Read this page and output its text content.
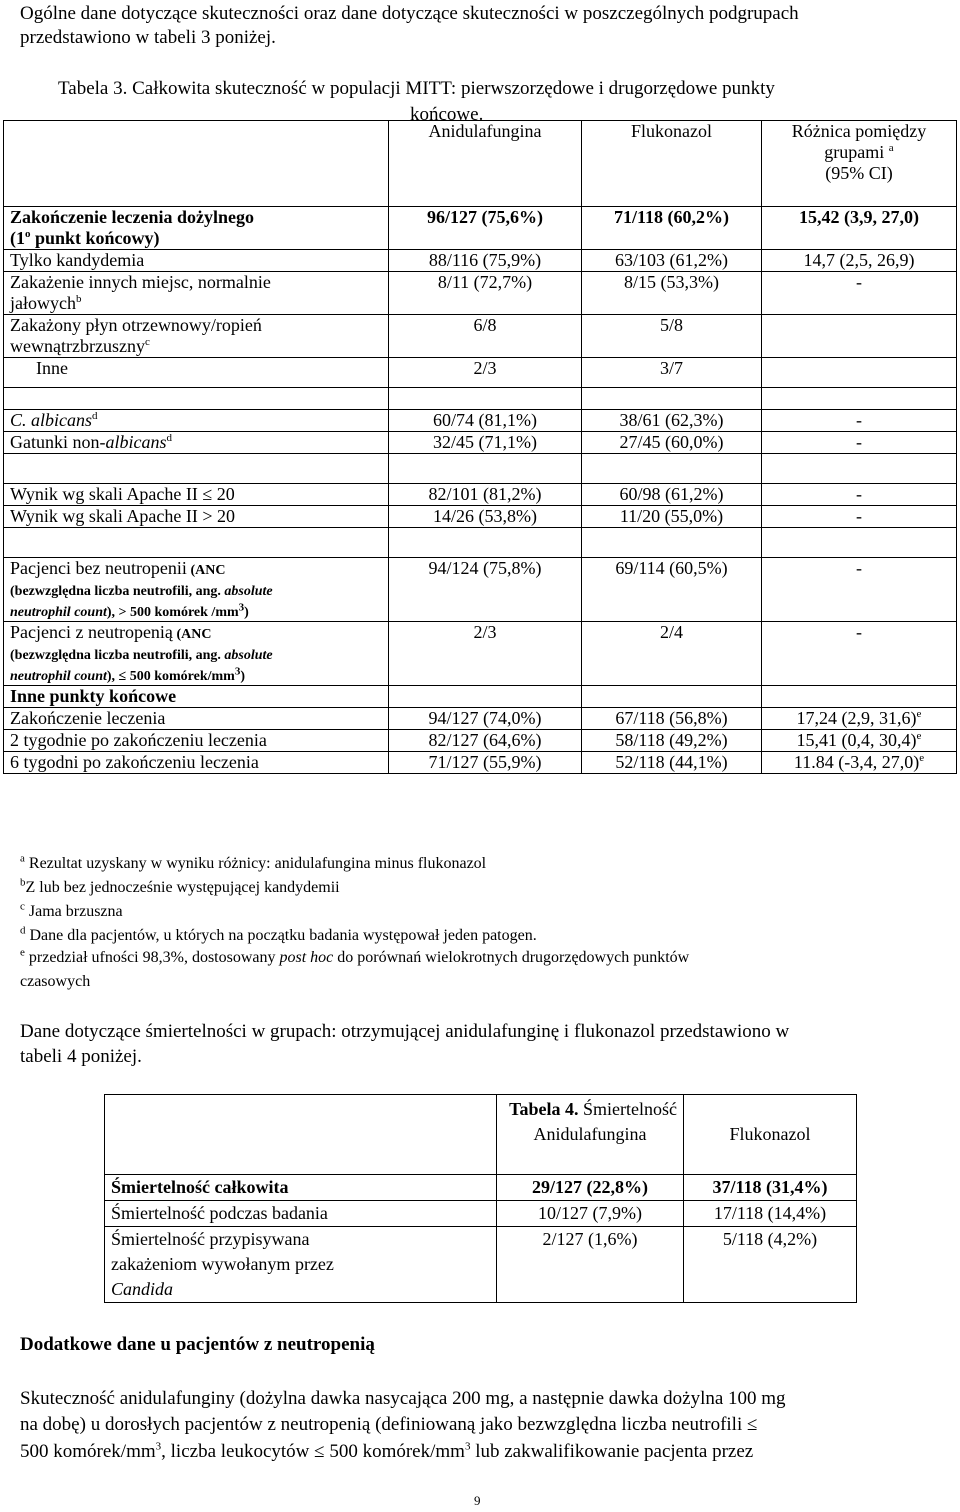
Ogólne dane dotyczące skuteczności oraz dane dotyczące skuteczności w poszczególnych podgrupach
przedstawiono w tabeli 3 poniżej.
Tabela 3. Całkowita skuteczność w populacji MITT: pierwszorzędowe i drugorzędowe punkty
końcowe.
	Anidulafungina	Flukonazol	Różnica pomiędzy
grupami $^a$
(95% CI)
Zakończenie leczenia dożylnego
(1$^o$ punkt końcowy)	96/127 (75,6%)	71/118 (60,2%)	15,42 (3,9, 27,0)
Tylko kandydemia	88/116 (75,9%)	63/103 (61,2%)	14,7 (2,5, 26,9)
Zakażenie innych miejsc, normalnie
jałowych$^b$	8/11 (72,7%)	8/15 (53,3%)	-
Zakażony płyn otrzewnowy/ropień
wewnątrzbrzuszny$^c$	6/8	5/8	
Inne	2/3	3/7	

C. albicans$^d$	60/74 (81,1%)	38/61 (62,3%)	-
Gatunki non-albicans$^d$	32/45 (71,1%)	27/45 (60,0%)	-

Wynik wg skali Apache II ≤ 20	82/101 (81,2%)	60/98 (61,2%)	-
Wynik wg skali Apache II > 20	14/26 (53,8%)	11/20 (55,0%)	-

Pacjenci bez neutropenii (ANC
(bezwzględna liczba neutrofili, ang. absolute
neutrophil count), > 500 komórek $/mm^3$)	94/124 (75,8%)	69/114 (60,5%)	-
Pacjenci z neutropenią (ANC
(bezwzględna liczba neutrofili, ang. absolute
neutrophil count), ≤ 500 komórek/$mm^3$)	2/3	2/4	-
Inne punkty końcowe			
Zakończenie leczenia	94/127 (74,0%)	67/118 (56,8%)	17,24 (2,9, 31,6)$^e$
2 tygodnie po zakończeniu leczenia	82/127 (64,6%)	58/118 (49,2%)	15,41 (0,4, 30,4)$^e$
6 tygodni po zakończeniu leczenia	71/127 (55,9%)	52/118 (44,1%)	11.84 (-3,4, 27,0)$^e$
$^a$ Rezultat uzyskany w wyniku różnicy: anidulafungina minus flukonazol
$^b$Z lub bez jednocześnie występującej kandydemii
$^c$ Jama brzuszna
$^d$ Dane dla pacjentów, u których na początku badania występował jeden patogen.
$^e$ przedział ufności 98,3%, dostosowany post hoc do porównań wielokrotnych drugorzędowych punktów
czasowych
Dane dotyczące śmiertelności w grupach: otrzymującej anidulafunginę i flukonazol przedstawiono w
tabeli 4 poniżej.

	Tabela 4. Śmiertelność
Anidulafungina	Flukonazol
Śmiertelność całkowita	29/127 (22,8%)	37/118 (31,4%)
Śmiertelność podczas badania	10/127 (7,9%)	17/118 (14,4%)
Śmiertelność przypisywana
zakażeniom wywołanym przez
Candida	2/127 (1,6%)	5/118 (4,2%)
Dodatkowe dane u pacjentów z neutropenią
Skuteczność anidulafunginy (dożylna dawka nasycająca 200 mg, a następnie dawka dożylna 100 mg
na dobę) u dorosłych pacjentów z neutropenią (definiowaną jako bezwzględna liczba neutrofili ≤
500 komórek/$mm^3$, liczba leukocytów ≤ 500 komórek/$mm^3$ lub zakwalifikowanie pacjenta przez
9
